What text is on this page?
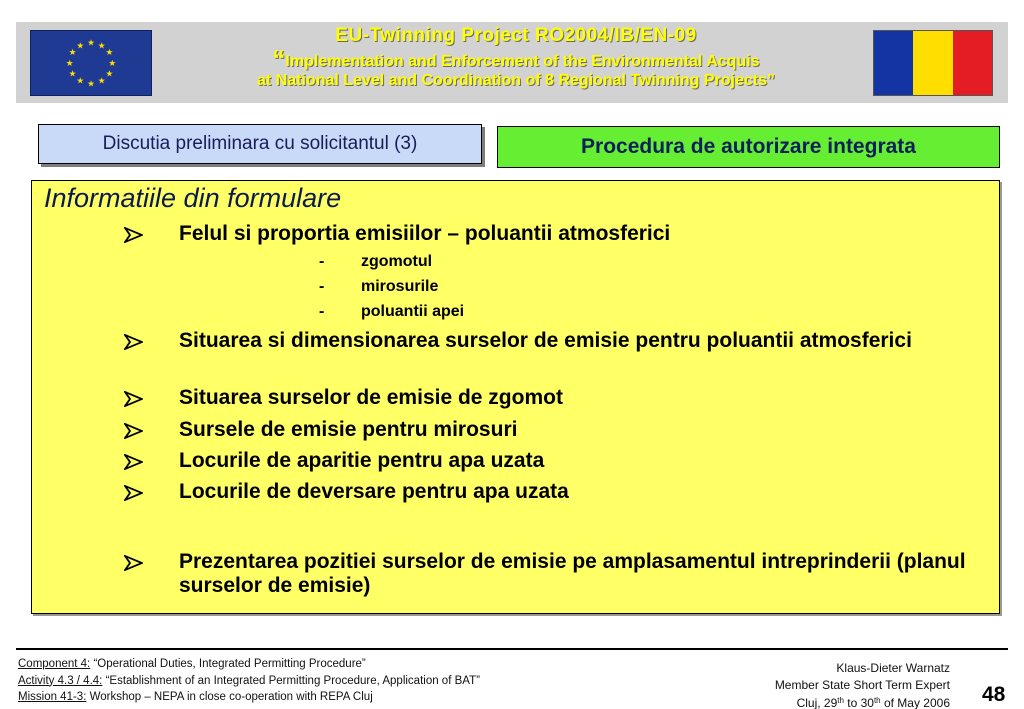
★ ★
★
★
★
★
★
★
★
★
★
★
EU-Twinning Project RO2004/IB/EN-09
“Implementation and Enforcement of the Environmental Acquis
at National Level and Coordination of 8 Regional Twinning Projects”
Discutia preliminara cu solicitantul (3)	Procedura de autorizare integrata
Informatiile din formulare
Felul si proportia emisiilor – poluantii atmosferici
-	zgomotul
-	mirosurile
-	poluantii apei
Situarea si dimensionarea surselor de emisie pentru poluantii atmosferici
Situarea surselor de emisie de zgomot
Sursele de emisie pentru mirosuri
Locurile de aparitie pentru apa uzata
Locurile de deversare pentru apa uzata
Prezentarea pozitiei surselor de emisie pe amplasamentul intreprinderii (planul surselor de emisie)
Component 4: “Operational Duties, Integrated Permitting Procedure”
Activity 4.3 / 4.4: “Establishment of an Integrated Permitting Procedure, Application of BAT”
Mission 41-3: Workshop – NEPA in close co-operation with REPA Cluj
Klaus-Dieter Warnatz
Member State Short Term Expert
Cluj, 29th to 30th of May 2006 48
